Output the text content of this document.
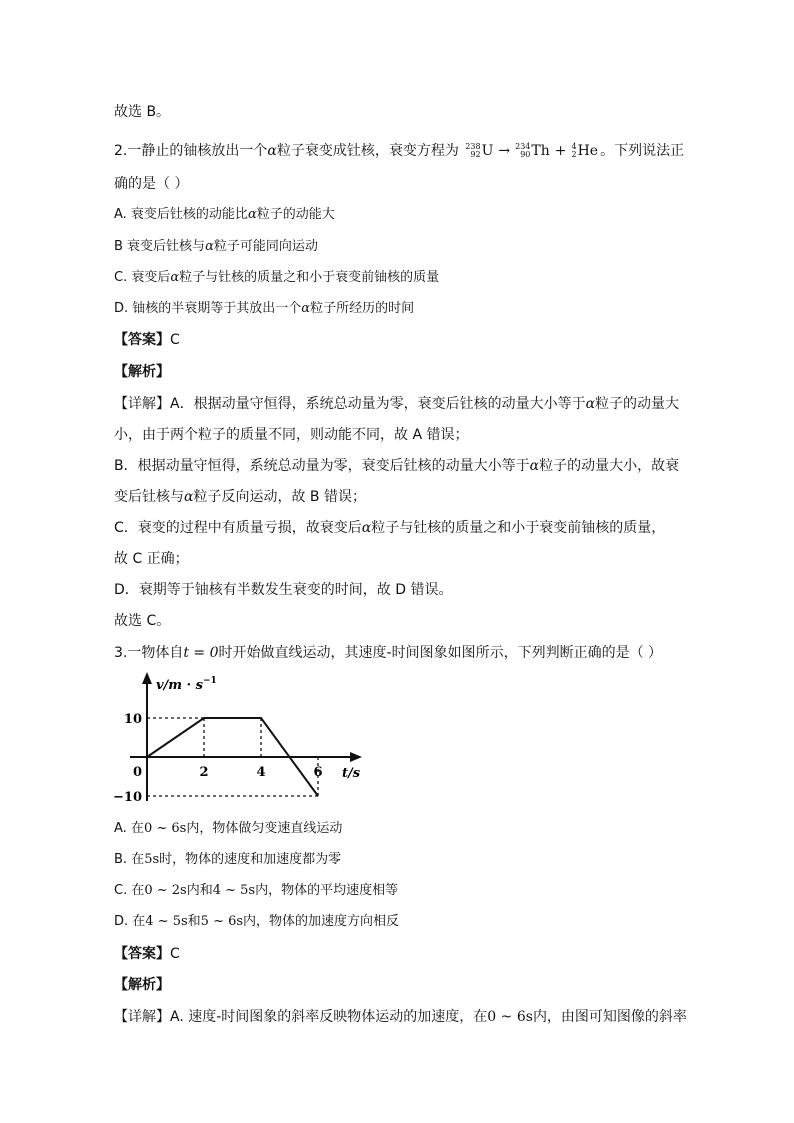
故选 B。
2.一静止的铀核放出一个α粒子衰变成钍核，衰变方程为 238
92 U → 234
90 Th + 4
2 He 。下列说法正
确的是（ ）
A. 衰变后钍核的动能比α粒子的动能大
B 衰变后钍核与α粒子可能同向运动
C. 衰变后α粒子与钍核的质量之和小于衰变前铀核的质量
D. 铀核的半衰期等于其放出一个α粒子所经历的时间
【答案】C
【解析】
【详解】A．根据动量守恒得，系统总动量为零，衰变后钍核的动量大小等于α粒子的动量大
小，由于两个粒子的质量不同，则动能不同，故 A 错误；
B．根据动量守恒得，系统总动量为零，衰变后钍核的动量大小等于α粒子的动量大小，故衰
变后钍核与α粒子反向运动，故 B 错误；
C．衰变的过程中有质量亏损，故衰变后α粒子与钍核的质量之和小于衰变前铀核的质量，
故 C 正确；
D．衰期等于铀核有半数发生衰变的时间，故 D 错误。
故选 C。
3.一物体自t = 0时开始做直线运动，其速度-时间图象如图所示，下列判断正确的是（ ）
2	4	6
10
−10
$v/m \cdot s^{-1}$
t/s
0
A. 在0 ~ 6s内，物体做匀变速直线运动
B. 在5s时，物体的速度和加速度都为零
C. 在0 ~ 2s内和4 ~ 5s内，物体的平均速度相等
D. 在4 ~ 5s和5 ~ 6s内，物体的加速度方向相反
【答案】C
【解析】
【详解】A. 速度-时间图象的斜率反映物体运动的加速度，在0 ~ 6s内，由图可知图像的斜率
